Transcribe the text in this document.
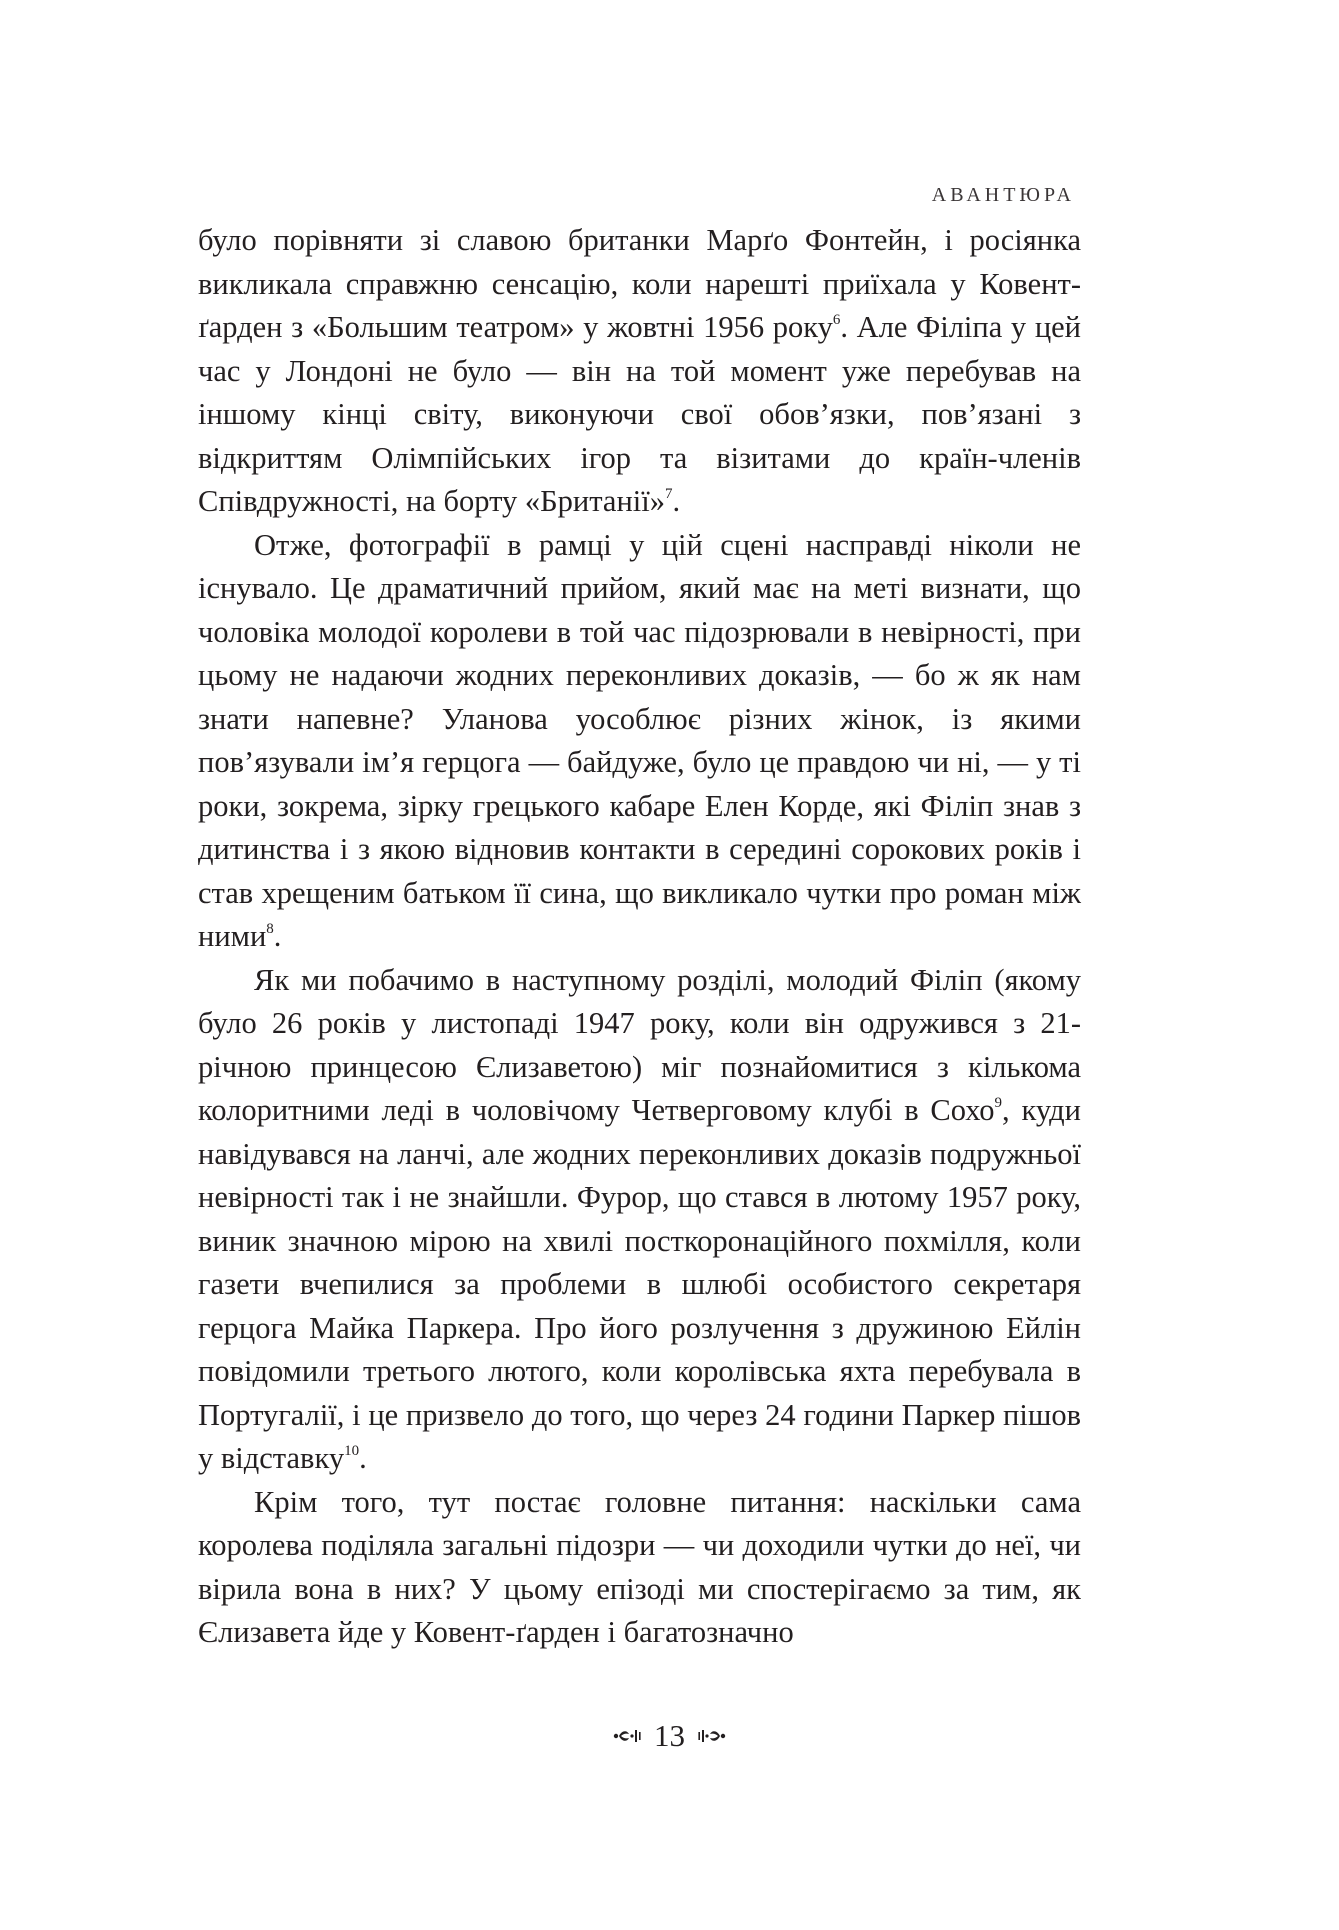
АВАНТЮРА

було порівняти зі славою британки Марґо Фонтейн, і росіянка викликала справжню сенсацію, коли нарешті приїхала у Ковент-ґарден з «Большим театром» у жовтні 1956 року$^6$. Але Філіпа у цей час у Лондоні не було — він на той момент уже перебував на іншому кінці світу, виконуючи свої обов’язки, пов’язані з відкриттям Олімпійських ігор та візитами до країн-членів Співдружності, на борту «Британії»$^7$.

Отже, фотографії в рамці у цій сцені насправді ніколи не існувало. Це драматичний прийом, який має на меті визнати, що чоловіка молодої королеви в той час підозрювали в невірності, при цьому не надаючи жодних переконливих доказів, — бо ж як нам знати напевне? Уланова уособлює різних жінок, із якими пов’язували ім’я герцога — байдуже, було це правдою чи ні, — у ті роки, зокрема, зірку грецького кабаре Елен Корде, які Філіп знав з дитинства і з якою відновив контакти в середині сорокових років і став хрещеним батьком її сина, що викликало чутки про роман між ними$^8$.

Як ми побачимо в наступному розділі, молодий Філіп (якому було 26 років у листопаді 1947 року, коли він одружився з 21-річною принцесою Єлизаветою) міг познайомитися з кількома колоритними леді в чоловічому Четверговому клубі в Сохо$^9$, куди навідувався на ланчі, але жодних переконливих доказів подружньої невірності так і не знайшли. Фурор, що стався в лютому 1957 року, виник значною мірою на хвилі посткоронаційного похмілля, коли газети вчепилися за проблеми в шлюбі особистого секретаря герцога Майка Паркера. Про його розлучення з дружиною Ейлін повідомили третього лютого, коли королівська яхта перебувала в Португалії, і це призвело до того, що через 24 години Паркер пішов у відставку$^{10}$.

Крім того, тут постає головне питання: наскільки сама королева поділяла загальні підозри — чи доходили чутки до неї, чи вірила вона в них? У цьому епізоді ми спостерігаємо за тим, як Єлизавета йде у Ковент-ґарден і багатозначно

13
